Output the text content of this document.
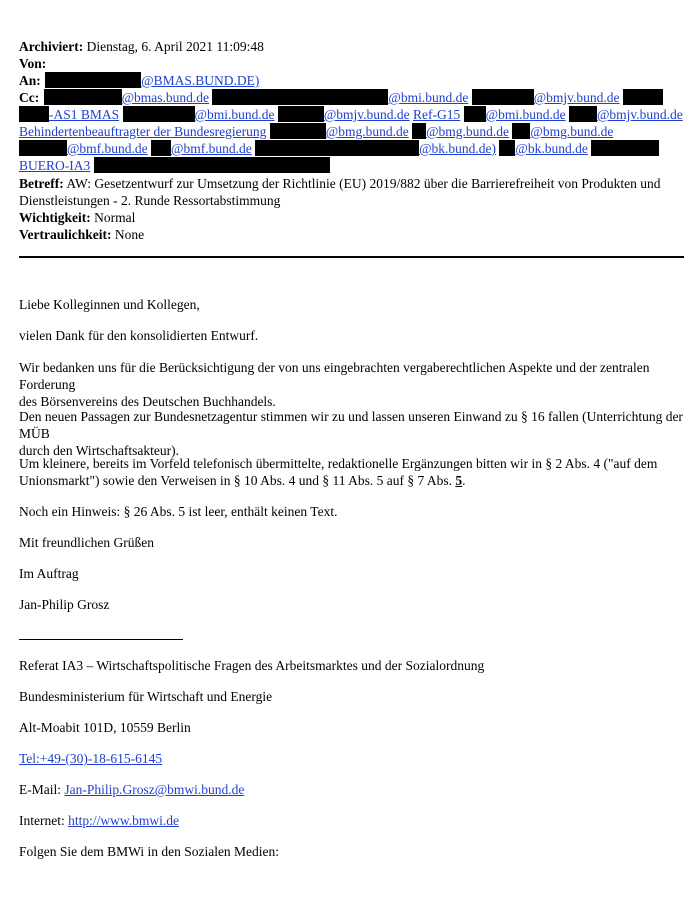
Archiviert: Dienstag, 6. April 2021 11:09:48
Von:
An:	@BMAS.BUND.DE)
Cc:	@bmas.bund.de	@bmi.bund.de	@bmjv.bund.de
-AS1 BMAS	@bmi.bund.de	@bmjv.bund.de Ref-G15 @bmi.bund.de @bmjv.bund.de
Behindertenbeauftragter der Bundesregierung	@bmg.bund.de @bmg.bund.de @bmg.bund.de
@bmf.bund.de @bmf.bund.de	@bk.bund.de) @bk.bund.de
BUERO-IA3
Betreff: AW: Gesetzentwurf zur Umsetzung der Richtlinie (EU) 2019/882 über die Barrierefreiheit von Produkten und
Dienstleistungen - 2. Runde Ressortabstimmung
Wichtigkeit: Normal
Vertraulichkeit: None
Liebe Kolleginnen und Kollegen,
vielen Dank für den konsolidierten Entwurf.
Wir bedanken uns für die Berücksichtigung der von uns eingebrachten vergaberechtlichen Aspekte und der zentralen Forderung
des Börsenvereins des Deutschen Buchhandels.
Den neuen Passagen zur Bundesnetzagentur stimmen wir zu und lassen unseren Einwand zu § 16 fallen (Unterrichtung der MÜB
durch den Wirtschaftsakteur).
Um kleinere, bereits im Vorfeld telefonisch übermittelte, redaktionelle Ergänzungen bitten wir in § 2 Abs. 4 ("auf dem
Unionsmarkt") sowie den Verweisen in § 10 Abs. 4 und § 11 Abs. 5 auf § 7 Abs. 5.
Noch ein Hinweis: § 26 Abs. 5 ist leer, enthält keinen Text.
Mit freundlichen Grüßen
Im Auftrag
Jan-Philip Grosz
Referat IA3 – Wirtschaftspolitische Fragen des Arbeitsmarktes und der Sozialordnung
Bundesministerium für Wirtschaft und Energie
Alt-Moabit 101D, 10559 Berlin
Tel:+49-(30)-18-615-6145
E-Mail: Jan-Philip.Grosz@bmwi.bund.de
Internet: http://www.bmwi.de
Folgen Sie dem BMWi in den Sozialen Medien:
